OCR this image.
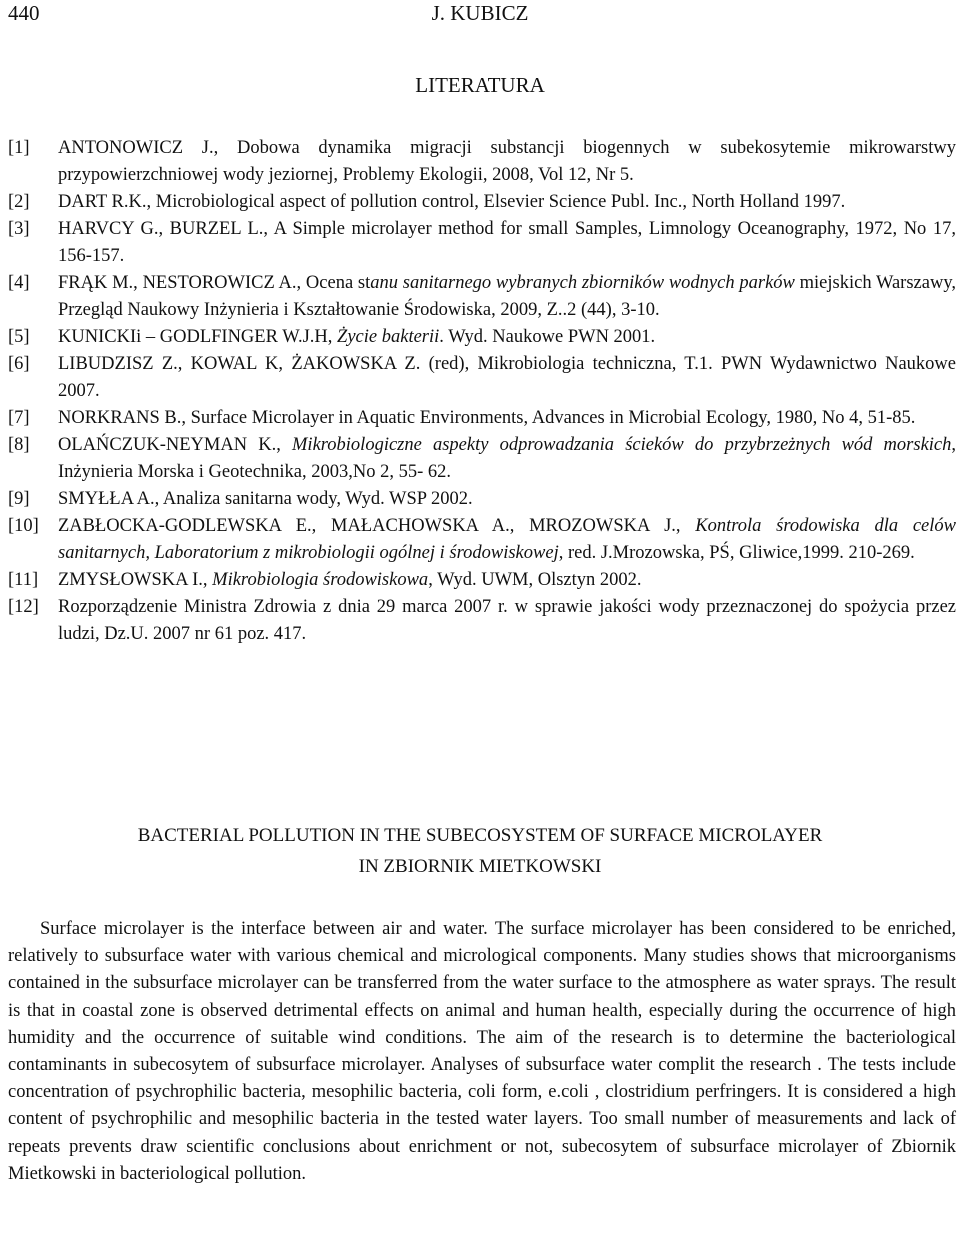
440	J. KUBICZ
LITERATURA
[1] ANTONOWICZ J., Dobowa dynamika migracji substancji biogennych w subekosytemie mikrowarstwy przypowierzchniowej wody jeziornej, Problemy Ekologii, 2008, Vol 12, Nr 5.
[2] DART R.K., Microbiological aspect of pollution control, Elsevier Science Publ. Inc., North Holland 1997.
[3] HARVCY G., BURZEL L., A Simple microlayer method for small Samples, Limnology Oceanography, 1972, No 17, 156-157.
[4] FRĄK M., NESTOROWICZ A., Ocena stanu sanitarnego wybranych zbiorników wodnych parków miejskich Warszawy, Przegląd Naukowy Inżynieria i Kształtowanie Środowiska, 2009, Z..2 (44), 3-10.
[5] KUNICKIi – GODLFINGER W.J.H, Życie bakterii. Wyd. Naukowe PWN 2001.
[6] LIBUDZISZ Z., KOWAL K, ŻAKOWSKA Z. (red), Mikrobiologia techniczna, T.1. PWN Wydawnictwo Naukowe 2007.
[7] NORKRANS B., Surface Microlayer in Aquatic Environments, Advances in Microbial Ecology, 1980, No 4, 51-85.
[8] OLAŃCZUK-NEYMAN K., Mikrobiologiczne aspekty odprowadzania ścieków do przybrzeżnych wód morskich, Inżynieria Morska i Geotechnika, 2003,No 2, 55- 62.
[9] SMYŁŁA A., Analiza sanitarna wody, Wyd. WSP 2002.
[10] ZABŁOCKA-GODLEWSKA E., MAŁACHOWSKA A., MROZOWSKA J., Kontrola środowiska dla celów sanitarnych, Laboratorium z mikrobiologii ogólnej i środowiskowej, red. J.Mrozowska, PŚ, Gliwice,1999. 210-269.
[11] ZMYSŁOWSKA I., Mikrobiologia środowiskowa, Wyd. UWM, Olsztyn 2002.
[12] Rozporządzenie Ministra Zdrowia z dnia 29 marca 2007 r. w sprawie jakości wody przeznaczonej do spożycia przez ludzi, Dz.U. 2007 nr 61 poz. 417.
BACTERIAL POLLUTION IN THE SUBECOSYSTEM OF SURFACE MICROLAYER
IN ZBIORNIK MIETKOWSKI

Surface microlayer is the interface between air and water. The surface microlayer has been considered to be enriched, relatively to subsurface water with various chemical and micrological components. Many studies shows that microorganisms contained in the subsurface microlayer can be transferred from the water surface to the atmosphere as water sprays. The result is that in coastal zone is observed detrimental effects on animal and human health, especially during the occurrence of high humidity and the occurrence of suitable wind conditions. The aim of the research is to determine the bacteriological contaminants in subecosytem of subsurface microlayer. Analyses of subsurface water complit the research . The tests include concentration of psychrophilic bacteria, mesophilic bacteria, coli form, e.coli , clostridium perfringers. It is considered a high content of psychrophilic and mesophilic bacteria in the tested water layers. Too small number of measurements and lack of repeats prevents draw scientific conclusions about enrichment or not, subecosytem of subsurface microlayer of Zbiornik Mietkowski in bacteriological pollution.
